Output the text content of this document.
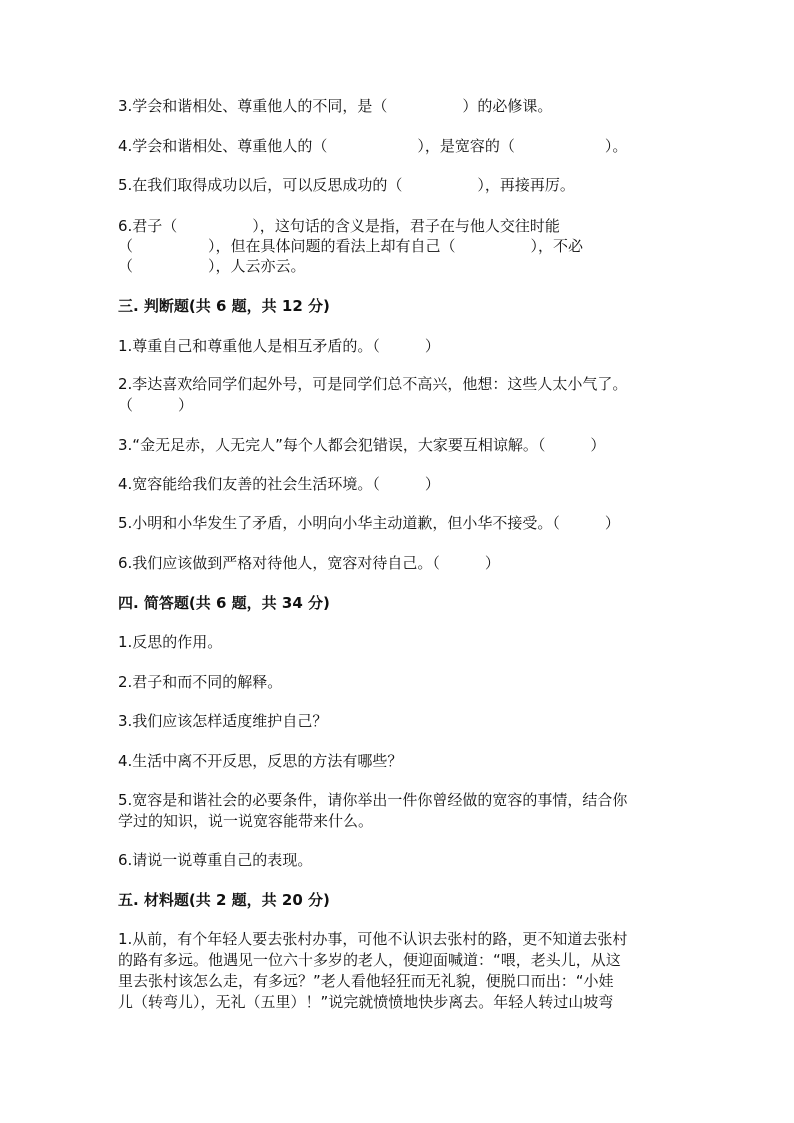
3.学会和谐相处、尊重他人的不同，是（　　　　　）的必修课。
4.学会和谐相处、尊重他人的（　　　　　　），是宽容的（　　　　　　）。
5.在我们取得成功以后，可以反思成功的（　　　　　），再接再厉。
6.君子（　　　　　），这句话的含义是指，君子在与他人交往时能
（　　　　　），但在具体问题的看法上却有自己（　　　　　），不必
（　　　　　），人云亦云。
三. 判断题(共 6 题，共 12 分)
1.尊重自己和尊重他人是相互矛盾的。（　　　）
2.李达喜欢给同学们起外号，可是同学们总不高兴，他想：这些人太小气了。
（　　　）
3.“金无足赤，人无完人”每个人都会犯错误，大家要互相谅解。（　　　）
4.宽容能给我们友善的社会生活环境。（　　　）
5.小明和小华发生了矛盾，小明向小华主动道歉，但小华不接受。（　　　）
6.我们应该做到严格对待他人，宽容对待自己。（　　　）
四. 简答题(共 6 题，共 34 分)
1.反思的作用。
2.君子和而不同的解释。
3.我们应该怎样适度维护自己？
4.生活中离不开反思，反思的方法有哪些？
5.宽容是和谐社会的必要条件，请你举出一件你曾经做的宽容的事情，结合你
学过的知识，说一说宽容能带来什么。
6.请说一说尊重自己的表现。
五. 材料题(共 2 题，共 20 分)
1.从前，有个年轻人要去张村办事，可他不认识去张村的路，更不知道去张村
的路有多远。他遇见一位六十多岁的老人，便迎面喊道：“喂，老头儿，从这
里去张村该怎么走，有多远？”老人看他轻狂而无礼貌，便脱口而出：“小娃
儿（转弯儿），无礼（五里）！”说完就愤愤地快步离去。年轻人转过山坡弯
